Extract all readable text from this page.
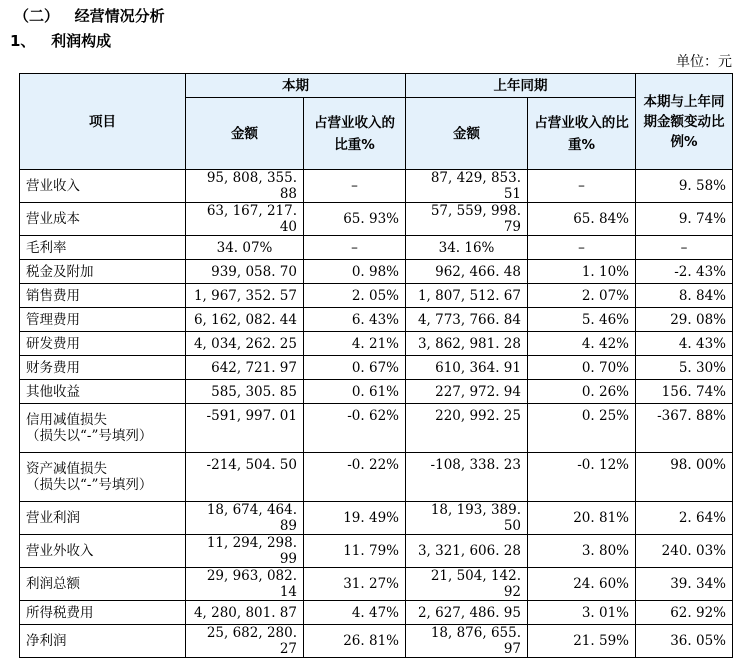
（二）   经营情况分析
1、   利润构成
单位：元
项目	本期		上年同期		本期与上年同期金额变动比例%
	金额	占营业收入的比重%	金额	占营业收入的比重%	
营业收入	95, 808, 355. 88	–	87, 429, 853. 51	–	9. 58%
营业成本	63, 167, 217. 40	65. 93%	57, 559, 998. 79	65. 84%	9. 74%
毛利率	34. 07%	–	34. 16%	–	–
税金及附加	939, 058. 70	0. 98%	962, 466. 48	1. 10%	-2. 43%
销售费用	1, 967, 352. 57	2. 05%	1, 807, 512. 67	2. 07%	8. 84%
管理费用	6, 162, 082. 44	6. 43%	4, 773, 766. 84	5. 46%	29. 08%
研发费用	4, 034, 262. 25	4. 21%	3, 862, 981. 28	4. 42%	4. 43%
财务费用	642, 721. 97	0. 67%	610, 364. 91	0. 70%	5. 30%
其他收益	585, 305. 85	0. 61%	227, 972. 94	0. 26%	156. 74%
信用减值损失
（损失以“-”号填列）	-591, 997. 01	-0. 62%	220, 992. 25	0. 25%	-367. 88%
资产减值损失
（损失以“-”号填列）	-214, 504. 50	-0. 22%	-108, 338. 23	-0. 12%	98. 00%
营业利润	18, 674, 464. 89	19. 49%	18, 193, 389. 50	20. 81%	2. 64%
营业外收入	11, 294, 298. 99	11. 79%	3, 321, 606. 28	3. 80%	240. 03%
利润总额	29, 963, 082. 14	31. 27%	21, 504, 142. 92	24. 60%	39. 34%
所得税费用	4, 280, 801. 87	4. 47%	2, 627, 486. 95	3. 01%	62. 92%
净利润	25, 682, 280. 27	26. 81%	18, 876, 655. 97	21. 59%	36. 05%
